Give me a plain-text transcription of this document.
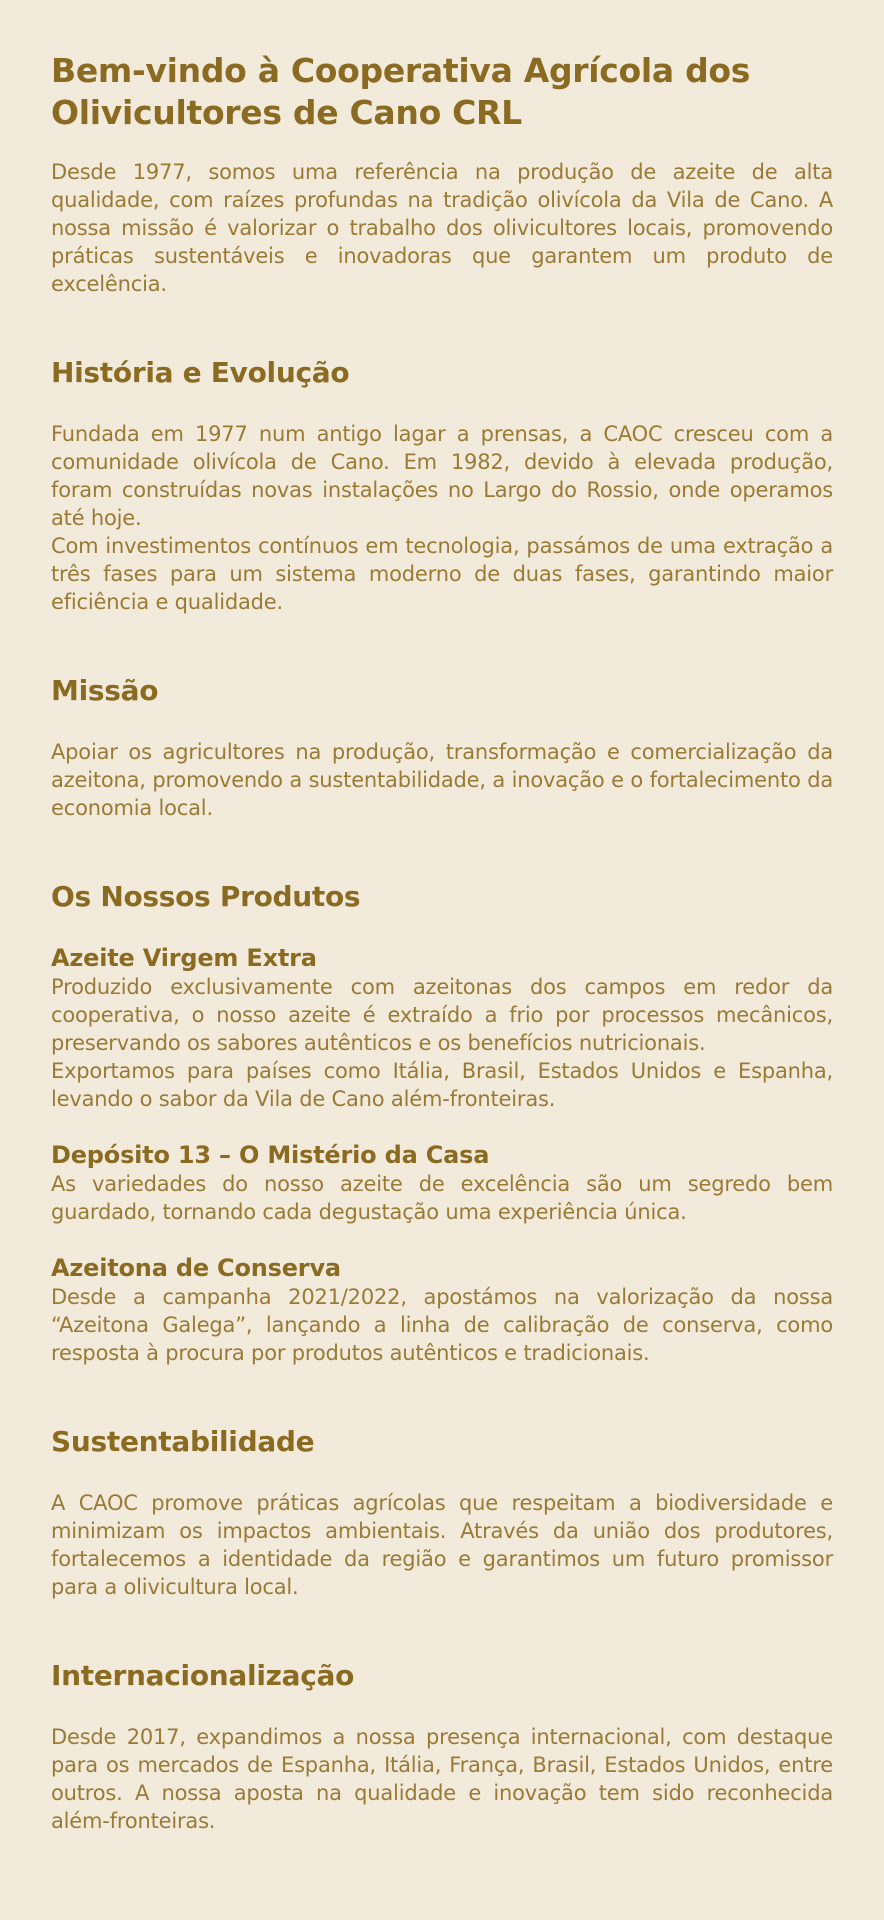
Bem-vindo à Cooperativa Agrícola dos Olivicultores de Cano CRL

Desde 1977, somos uma referência na produção de azeite de alta qualidade, com raízes profundas na tradição olivícola da Vila de Cano. A nossa missão é valorizar o trabalho dos olivicultores locais, promovendo práticas sustentáveis e inovadoras que garantem um produto de excelência.

História e Evolução

Fundada em 1977 num antigo lagar a prensas, a CAOC cresceu com a comunidade olivícola de Cano. Em 1982, devido à elevada produção, foram construídas novas instalações no Largo do Rossio, onde operamos até hoje.

Com investimentos contínuos em tecnologia, passámos de uma extração a três fases para um sistema moderno de duas fases, garantindo maior eficiência e qualidade.

Missão

Apoiar os agricultores na produção, transformação e comercialização da azeitona, promovendo a sustentabilidade, a inovação e o fortalecimento da economia local.

Os Nossos Produtos
Azeite Virgem Extra

Produzido exclusivamente com azeitonas dos campos em redor da cooperativa, o nosso azeite é extraído a frio por processos mecânicos, preservando os sabores autênticos e os benefícios nutricionais.

Exportamos para países como Itália, Brasil, Estados Unidos e Espanha, levando o sabor da Vila de Cano além-fronteiras.

Depósito 13 – O Mistério da Casa

As variedades do nosso azeite de excelência são um segredo bem guardado, tornando cada degustação uma experiência única.

Azeitona de Conserva

Desde a campanha 2021/2022, apostámos na valorização da nossa “Azeitona Galega”, lançando a linha de calibração de conserva, como resposta à procura por produtos autênticos e tradicionais.

Sustentabilidade

A CAOC promove práticas agrícolas que respeitam a biodiversidade e minimizam os impactos ambientais. Através da união dos produtores, fortalecemos a identidade da região e garantimos um futuro promissor para a olivicultura local.

Internacionalização

Desde 2017, expandimos a nossa presença internacional, com destaque para os mercados de Espanha, Itália, França, Brasil, Estados Unidos, entre outros. A nossa aposta na qualidade e inovação tem sido reconhecida além-fronteiras.
